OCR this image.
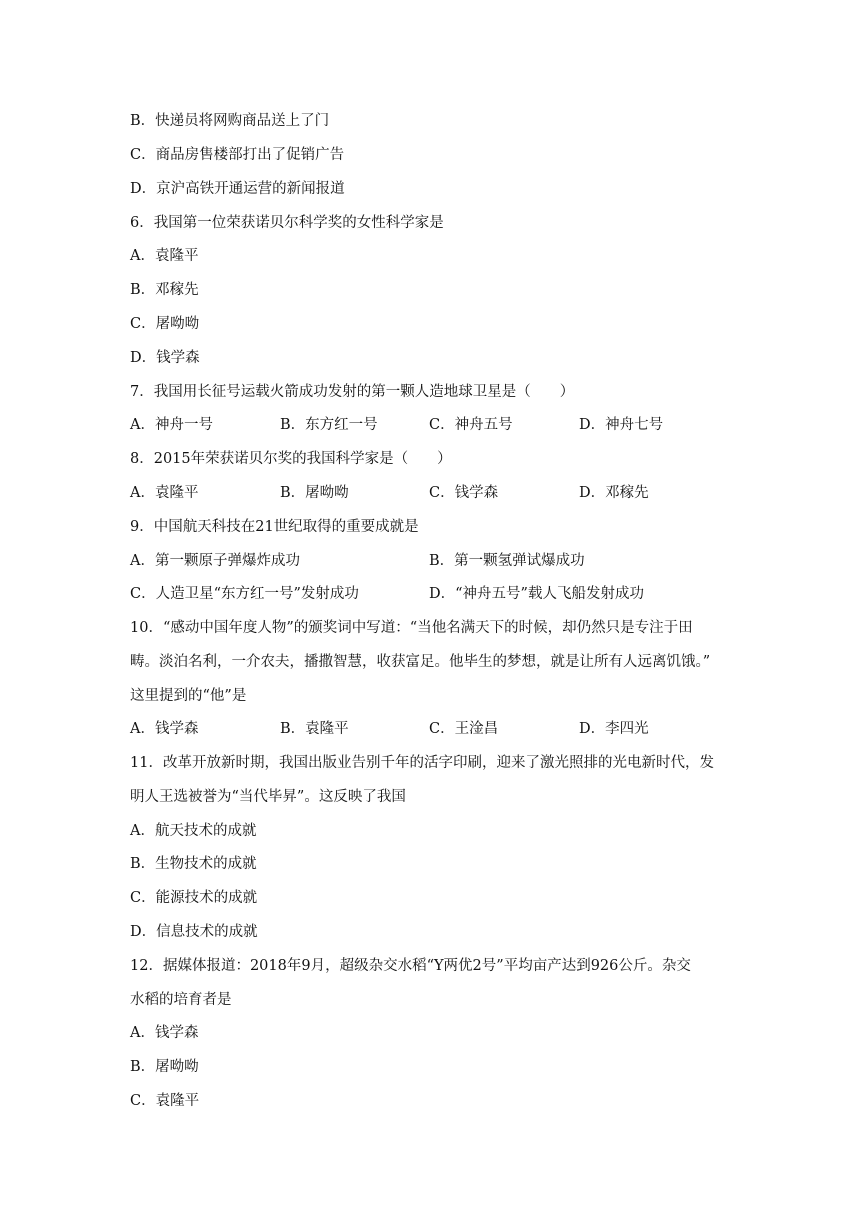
B．快递员将网购商品送上了门
C．商品房售楼部打出了促销广告
D．京沪高铁开通运营的新闻报道
6．我国第一位荣获诺贝尔科学奖的女性科学家是
A．袁隆平
B．邓稼先
C．屠呦呦
D．钱学森
7．我国用长征号运载火箭成功发射的第一颗人造地球卫星是（　　）
A．神舟一号	B．东方红一号	C．神舟五号	D．神舟七号
8．2015年荣获诺贝尔奖的我国科学家是（　　）
A．袁隆平	B．屠呦呦	C．钱学森	D．邓稼先
9．中国航天科技在21世纪取得的重要成就是
A．第一颗原子弹爆炸成功	B．第一颗氢弹试爆成功
C．人造卫星“东方红一号”发射成功	D．“神舟五号”载人飞船发射成功
10．“感动中国年度人物”的颁奖词中写道：“当他名满天下的时候，却仍然只是专注于田
畴。淡泊名利，一介农夫，播撒智慧，收获富足。他毕生的梦想，就是让所有人远离饥饿。”
这里提到的“他”是
A．钱学森	B．袁隆平	C．王淦昌	D．李四光
11．改革开放新时期，我国出版业告别千年的活字印刷，迎来了激光照排的光电新时代，发
明人王选被誉为“当代毕昇”。这反映了我国
A．航天技术的成就
B．生物技术的成就
C．能源技术的成就
D．信息技术的成就
12．据媒体报道：2018年9月，超级杂交水稻“Y两优2号”平均亩产达到926公斤。杂交
水稻的培育者是
A．钱学森
B．屠呦呦
C．袁隆平
